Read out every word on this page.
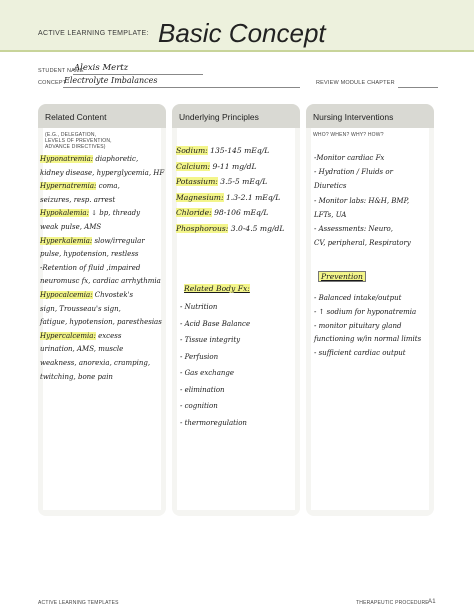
ACTIVE LEARNING TEMPLATE: Basic Concept
STUDENT NAME
Alexis Mertz
CONCEPT
Electrolyte Imbalances	REVIEW MODULE CHAPTER
Related Content
(E.G., DELEGATION,
LEVELS OF PREVENTION,
ADVANCE DIRECTIVES)
Hyponatremia: diaphoretic,
kidney disease, hyperglycemia, HF
Hypernatremia: coma,
seizures, resp. arrest
Hypokalemia: ↓ bp, thready
weak pulse, AMS
Hyperkalemia: slow/irregular
pulse, hypotension, restless
-Retention of fluid ,impaired
neuromusc fx, cardiac arrhythmia
Hypocalcemia: Chvostek's
sign, Trousseau's sign,
fatigue, hypotension, paresthesias
Hypercalcemia: excess
urination, AMS, muscle
weakness, anorexia, cramping,
twitching, bone pain
Underlying Principles
Sodium: 135-145 mEq/L
Calcium: 9-11 mg/dL
Potassium: 3.5-5 mEq/L
Magnesium: 1.3-2.1 mEq/L
Chloride: 98-106 mEq/L
Phosphorous: 3.0-4.5 mg/dL
Related Body Fx:
- Nutrition
- Acid Base Balance
- Tissue integrity
- Perfusion
- Gas exchange
- elimination
- cognition
- thermoregulation
Nursing Interventions
WHO? WHEN? WHY? HOW?
-Monitor cardiac Fx
- Hydration / Fluids or
Diuretics
- Monitor labs: H&H, BMP,
LFTs, UA
- Assessments: Neuro,
CV, peripheral, Respiratory
Prevention
- Balanced intake/output
- ↑ sodium for hyponatremia
- monitor pituitary gland
functioning w/in normal limits
- sufficient cardiac output
ACTIVE LEARNING TEMPLATES	THERAPEUTIC PROCEDURE A1
